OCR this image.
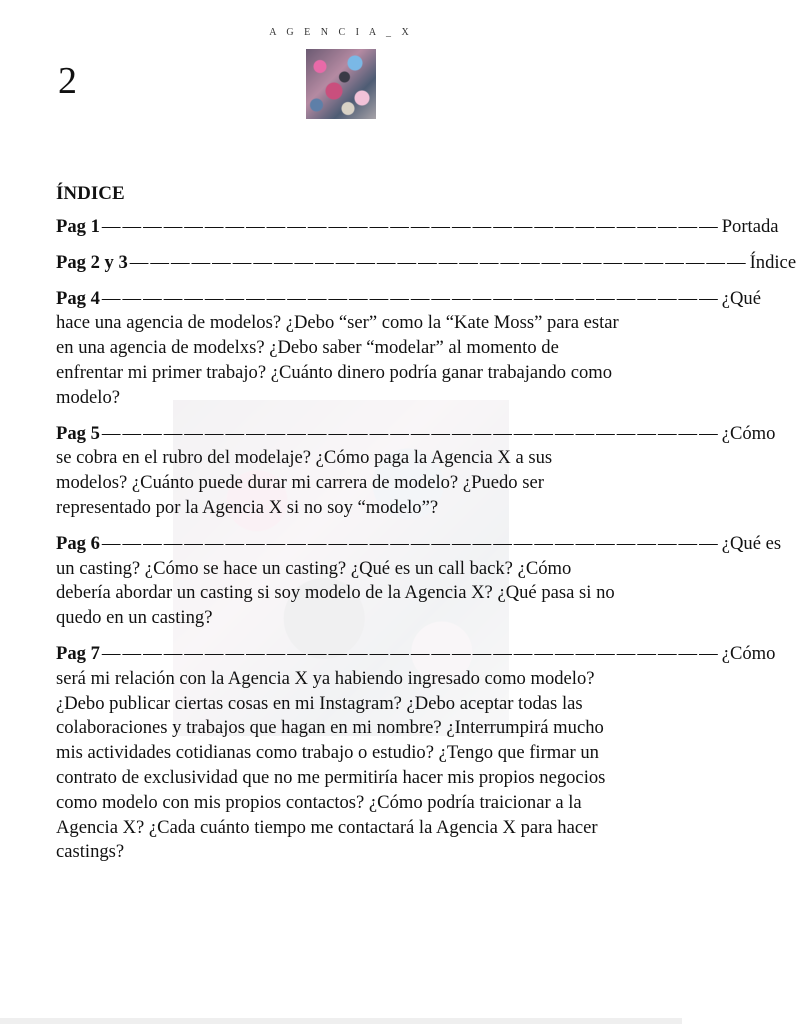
A G E N C I A _ X
2
ÍNDICE
Pag 1 —————————————————————————————— Portada
Pag 2 y 3 —————————————————————————————— Índice
Pag 4 —————————————————————————————— ¿Qué

hace una agencia de modelos? ¿Debo “ser” como la “Kate Moss” para estar en una agencia de modelxs? ¿Debo saber “modelar” al momento de enfrentar mi primer trabajo? ¿Cuánto dinero podría ganar trabajando como modelo?

Pag 5 —————————————————————————————— ¿Cómo

se cobra en el rubro del modelaje? ¿Cómo paga la Agencia X a sus modelos? ¿Cuánto puede durar mi carrera de modelo? ¿Puedo ser representado por la Agencia X si no soy “modelo”?

Pag 6 —————————————————————————————— ¿Qué es

un casting? ¿Cómo se hace un casting? ¿Qué es un call back? ¿Cómo debería abordar un casting si soy modelo de la Agencia X? ¿Qué pasa si no quedo en un casting?

Pag 7 —————————————————————————————— ¿Cómo

será mi relación con la Agencia X ya habiendo ingresado como modelo?

¿Debo publicar ciertas cosas en mi Instagram? ¿Debo aceptar todas las colaboraciones y trabajos que hagan en mi nombre? ¿Interrumpirá mucho mis actividades cotidianas como trabajo o estudio? ¿Tengo que firmar un contrato de exclusividad que no me permitiría hacer mis propios negocios como modelo con mis propios contactos? ¿Cómo podría traicionar a la Agencia X? ¿Cada cuánto tiempo me contactará la Agencia X para hacer castings?
